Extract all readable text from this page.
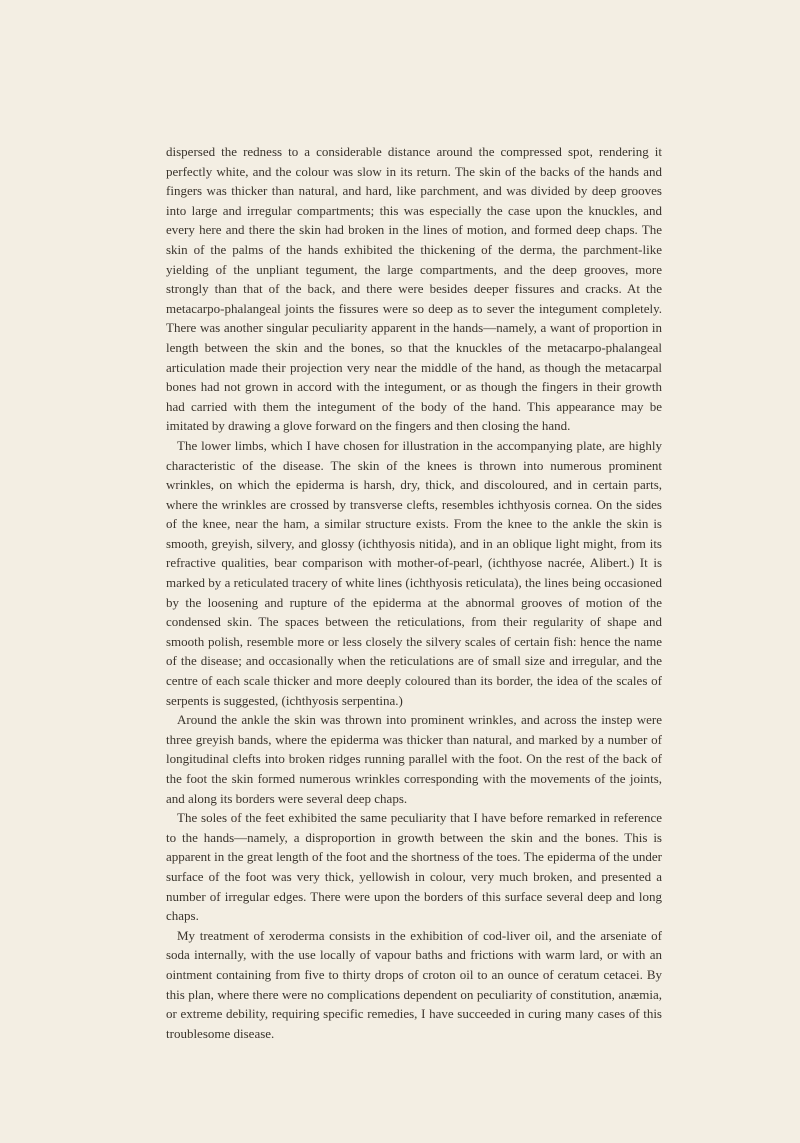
dispersed the redness to a considerable distance around the compressed spot, rendering it perfectly white, and the colour was slow in its return. The skin of the backs of the hands and fingers was thicker than natural, and hard, like parchment, and was divided by deep grooves into large and irregular compartments; this was especially the case upon the knuckles, and every here and there the skin had broken in the lines of motion, and formed deep chaps. The skin of the palms of the hands exhibited the thickening of the derma, the parchment-like yielding of the unpliant tegument, the large compartments, and the deep grooves, more strongly than that of the back, and there were besides deeper fissures and cracks. At the metacarpo-phalangeal joints the fissures were so deep as to sever the integument completely. There was another singular peculiarity apparent in the hands—namely, a want of proportion in length between the skin and the bones, so that the knuckles of the metacarpo-phalangeal articulation made their projection very near the middle of the hand, as though the metacarpal bones had not grown in accord with the integument, or as though the fingers in their growth had carried with them the integument of the body of the hand. This appearance may be imitated by drawing a glove forward on the fingers and then closing the hand.

The lower limbs, which I have chosen for illustration in the accompanying plate, are highly characteristic of the disease. The skin of the knees is thrown into numerous prominent wrinkles, on which the epiderma is harsh, dry, thick, and discoloured, and in certain parts, where the wrinkles are crossed by transverse clefts, resembles ichthyosis cornea. On the sides of the knee, near the ham, a similar structure exists. From the knee to the ankle the skin is smooth, greyish, silvery, and glossy (ichthyosis nitida), and in an oblique light might, from its refractive qualities, bear comparison with mother-of-pearl, (ichthyose nacrée, Alibert.) It is marked by a reticulated tracery of white lines (ichthyosis reticulata), the lines being occasioned by the loosening and rupture of the epiderma at the abnormal grooves of motion of the condensed skin. The spaces between the reticulations, from their regularity of shape and smooth polish, resemble more or less closely the silvery scales of certain fish: hence the name of the disease; and occasionally when the reticulations are of small size and irregular, and the centre of each scale thicker and more deeply coloured than its border, the idea of the scales of serpents is suggested, (ichthyosis serpentina.)

Around the ankle the skin was thrown into prominent wrinkles, and across the instep were three greyish bands, where the epiderma was thicker than natural, and marked by a number of longitudinal clefts into broken ridges running parallel with the foot. On the rest of the back of the foot the skin formed numerous wrinkles corresponding with the movements of the joints, and along its borders were several deep chaps.

The soles of the feet exhibited the same peculiarity that I have before remarked in reference to the hands—namely, a disproportion in growth between the skin and the bones. This is apparent in the great length of the foot and the shortness of the toes. The epiderma of the under surface of the foot was very thick, yellowish in colour, very much broken, and presented a number of irregular edges. There were upon the borders of this surface several deep and long chaps.

My treatment of xeroderma consists in the exhibition of cod-liver oil, and the arseniate of soda internally, with the use locally of vapour baths and frictions with warm lard, or with an ointment containing from five to thirty drops of croton oil to an ounce of ceratum cetacei. By this plan, where there were no complications dependent on peculiarity of constitution, anæmia, or extreme debility, requiring specific remedies, I have succeeded in curing many cases of this troublesome disease.
